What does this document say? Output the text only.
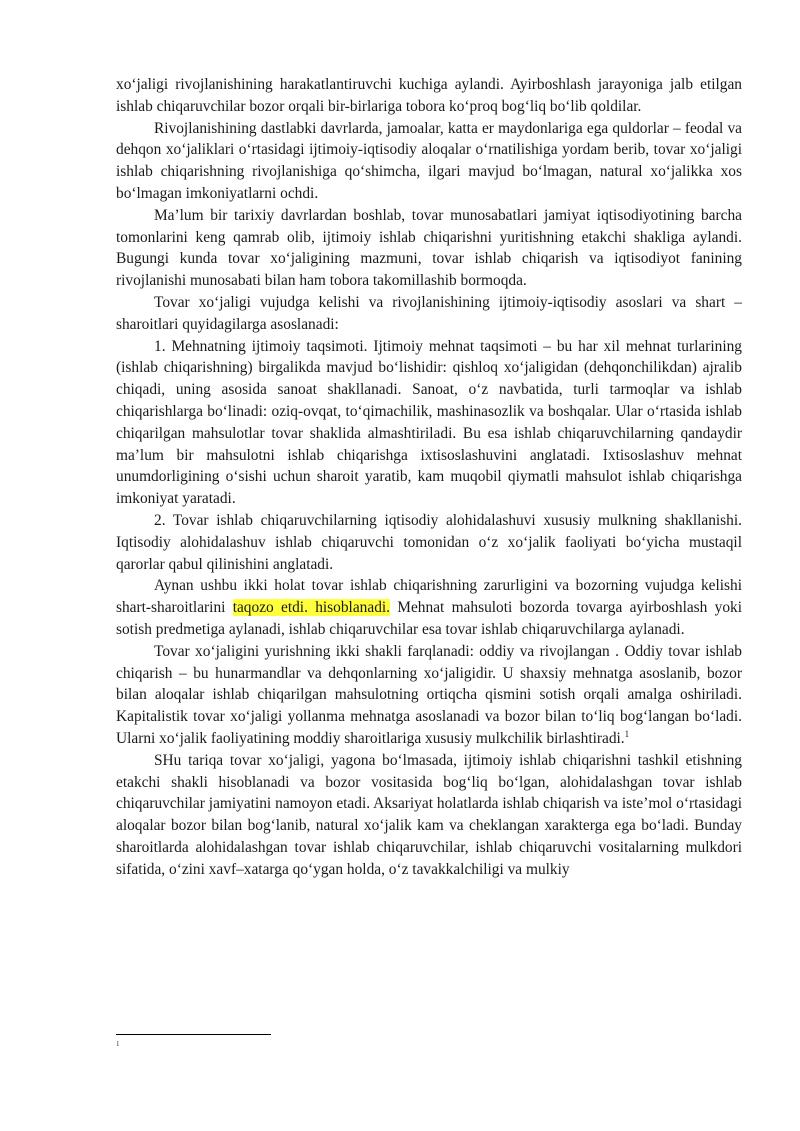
xo‘jaligi rivojlanishining harakatlantiruvchi kuchiga aylandi. Ayirboshlash jarayoniga jalb etilgan ishlab chiqaruvchilar bozor orqali bir-birlariga tobora ko‘proq bog‘liq bo‘lib qoldilar.

Rivojlanishining dastlabki davrlarda, jamoalar, katta er maydonlariga ega quldorlar – feodal va dehqon xo‘jaliklari o‘rtasidagi ijtimoiy-iqtisodiy aloqalar o‘rnatilishiga yordam berib, tovar xo‘jaligi ishlab chiqarishning rivojlanishiga qo‘shimcha, ilgari mavjud bo‘lmagan, natural xo‘jalikka xos bo‘lmagan imkoniyatlarni ochdi.

Ma’lum bir tarixiy davrlardan boshlab, tovar munosabatlari jamiyat iqtisodiyotining barcha tomonlarini keng qamrab olib, ijtimoiy ishlab chiqarishni yuritishning etakchi shakliga aylandi. Bugungi kunda tovar xo‘jaligining mazmuni, tovar ishlab chiqarish va iqtisodiyot fanining rivojlanishi munosabati bilan ham tobora takomillashib bormoqda.

Tovar xo‘jaligi vujudga kelishi va rivojlanishining ijtimoiy-iqtisodiy asoslari va shart – sharoitlari quyidagilarga asoslanadi:

1. Mehnatning ijtimoiy taqsimoti. Ijtimoiy mehnat taqsimoti – bu har xil mehnat turlarining (ishlab chiqarishning) birgalikda mavjud bo‘lishidir: qishloq xo‘jaligidan (dehqonchilikdan) ajralib chiqadi, uning asosida sanoat shakllanadi. Sanoat, o‘z navbatida, turli tarmoqlar va ishlab chiqarishlarga bo‘linadi: oziq-ovqat, to‘qimachilik, mashinasozlik va boshqalar. Ular o‘rtasida ishlab chiqarilgan mahsulotlar tovar shaklida almashtiriladi. Bu esa ishlab chiqaruvchilarning qandaydir ma’lum bir mahsulotni ishlab chiqarishga ixtisoslashuvini anglatadi. Ixtisoslashuv mehnat unumdorligining o‘sishi uchun sharoit yaratib, kam muqobil qiymatli mahsulot ishlab chiqarishga imkoniyat yaratadi.

2. Tovar ishlab chiqaruvchilarning iqtisodiy alohidalashuvi xususiy mulkning shakllanishi. Iqtisodiy alohidalashuv ishlab chiqaruvchi tomonidan o‘z xo‘jalik faoliyati bo‘yicha mustaqil qarorlar qabul qilinishini anglatadi.

Aynan ushbu ikki holat tovar ishlab chiqarishning zarurligini va bozorning vujudga kelishi shart-sharoitlarini taqozo etdi. hisoblanadi. Mehnat mahsuloti bozorda tovarga ayirboshlash yoki sotish predmetiga aylanadi, ishlab chiqaruvchilar esa tovar ishlab chiqaruvchilarga aylanadi.

Tovar xo‘jaligini yurishning ikki shakli farqlanadi: oddiy va rivojlangan . Oddiy tovar ishlab chiqarish – bu hunarmandlar va dehqonlarning xo‘jaligidir. U shaxsiy mehnatga asoslanib, bozor bilan aloqalar ishlab chiqarilgan mahsulotning ortiqcha qismini sotish orqali amalga oshiriladi. Kapitalistik tovar xo‘jaligi yollanma mehnatga asoslanadi va bozor bilan to‘liq bog‘langan bo‘ladi. Ularni xo‘jalik faoliyatining moddiy sharoitlariga xususiy mulkchilik birlashtiradi.$^1$

SHu tariqa tovar xo‘jaligi, yagona bo‘lmasada, ijtimoiy ishlab chiqarishni tashkil etishning etakchi shakli hisoblanadi va bozor vositasida bog‘liq bo‘lgan, alohidalashgan tovar ishlab chiqaruvchilar jamiyatini namoyon etadi. Aksariyat holatlarda ishlab chiqarish va iste’mol o‘rtasidagi aloqalar bozor bilan bog‘lanib, natural xo‘jalik kam va cheklangan xarakterga ega bo‘ladi. Bunday sharoitlarda alohidalashgan tovar ishlab chiqaruvchilar, ishlab chiqaruvchi vositalarning mulkdori sifatida, o‘zini xavf–xatarga qo‘ygan holda, o‘z tavakkalchiligi va mulkiy

1
